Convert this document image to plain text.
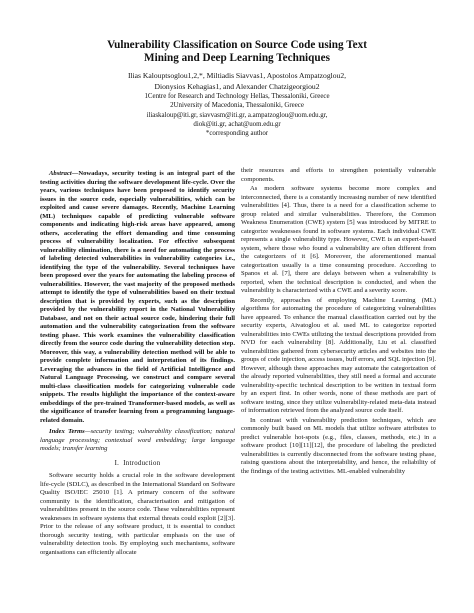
Vulnerability Classification on Source Code using Text
Mining and Deep Learning Techniques
Ilias Kalouptsoglou1,2,*, Miltiadis Siavvas1, Apostolos Ampatzoglou2,
Dionysios Kehagias1, and Alexander Chatzigeorgiou2
1Centre for Research and Technology Hellas, Thessaloniki, Greece
2University of Macedonia, Thessaloniki, Greece
iliaskaloup@iti.gr, siavvasm@iti.gr, a.ampatzoglou@uom.edu.gr,
diok@iti.gr, achat@uom.edu.gr
*corresponding author

Abstract—Nowadays, security testing is an integral part of the testing activities during the software development life-cycle. Over the years, various techniques have been proposed to identify security issues in the source code, especially vulnerabilities, which can be exploited and cause severe damages. Recently, Machine Learning (ML) techniques capable of predicting vulnerable software components and indicating high-risk areas have appeared, among others, accelerating the effort demanding and time consuming process of vulnerability localization. For effective subsequent vulnerability elimination, there is a need for automating the process of labeling detected vulnerabilities in vulnerability categories i.e., identifying the type of the vulnerability. Several techniques have been proposed over the years for automating the labeling process of vulnerabilities. However, the vast majority of the proposed methods attempt to identify the type of vulnerabilities based on their textual description that is provided by experts, such as the description provided by the vulnerability report in the National Vulnerability Database, and not on their actual source code, hindering their full automation and the vulnerability categorization from the software testing phase. This work examines the vulnerability classification directly from the source code during the vulnerability detection step. Moreover, this way, a vulnerability detection method will be able to provide complete information and interpretation of its findings. Leveraging the advances in the field of Artificial Intelligence and Natural Language Processing, we construct and compare several multi-class classification models for categorizing vulnerable code snippets. The results highlight the importance of the context-aware embeddings of the pre-trained Transformer-based models, as well as the significance of transfer learning from a programming language-related domain.

Index Terms—security testing; vulnerability classification; natural language processing; contextual word embedding; large language models; transfer learning

I. Introduction

Software security holds a crucial role in the software development life-cycle (SDLC), as described in the International Standard on Software Quality ISO/IEC 25010 [1]. A primary concern of the software community is the identification, characterisation and mitigation of vulnerabilities present in the source code. These vulnerabilities represent weaknesses in software systems that external threats could exploit [2][3]. Prior to the release of any software product, it is essential to conduct thorough security testing, with particular emphasis on the use of vulnerability detection tools. By employing such mechanisms, software organisations can efficiently allocate

their resources and efforts to strengthen potentially vulnerable components.

As modern software systems become more complex and interconnected, there is a constantly increasing number of new identified vulnerabilities [4]. Thus, there is a need for a classification scheme to group related and similar vulnerabilities. Therefore, the Common Weakness Enumeration (CWE) system [5] was introduced by MITRE to categorize weaknesses found in software systems. Each individual CWE represents a single vulnerability type. However, CWE is an expert-based system, where those who found a vulnerability are often different from the categorizers of it [6]. Moreover, the aforementioned manual categorization usually is a time consuming procedure. According to Spanos et al. [7], there are delays between when a vulnerability is reported, when the technical description is conducted, and when the vulnerability is characterized with a CWE and a severity score.

Recently, approaches of employing Machine Learning (ML) algorithms for automating the procedure of categorizing vulnerabilities have appeared. To enhance the manual classification carried out by the security experts, Aivatoglou et al. used ML to categorize reported vulnerabilities into CWEs utilizing the textual descriptions provided from NVD for each vulnerability [8]. Additionally, Liu et al. classified vulnerabilities gathered from cybersecurity articles and websites into the groups of code injection, access issues, buff errors, and SQL injection [9]. However, although these approaches may automate the categorization of the already reported vulnerabilities, they still need a formal and accurate vulnerability-specific technical description to be written in textual form by an expert first. In other words, none of these methods are part of software testing, since they utilize vulnerability-related meta-data instead of information retrieved from the analyzed source code itself.

In contrast with vulnerability prediction techniques, which are commonly built based on ML models that utilize software attributes to predict vulnerable hot-spots (e.g., files, classes, methods, etc.) in a software product [10][11][12], the procedure of labeling the predicted vulnerabilities is currently disconnected from the software testing phase, raising questions about the interpretability, and hence, the reliability of the findings of the testing activities. ML-enabled vulnerability
